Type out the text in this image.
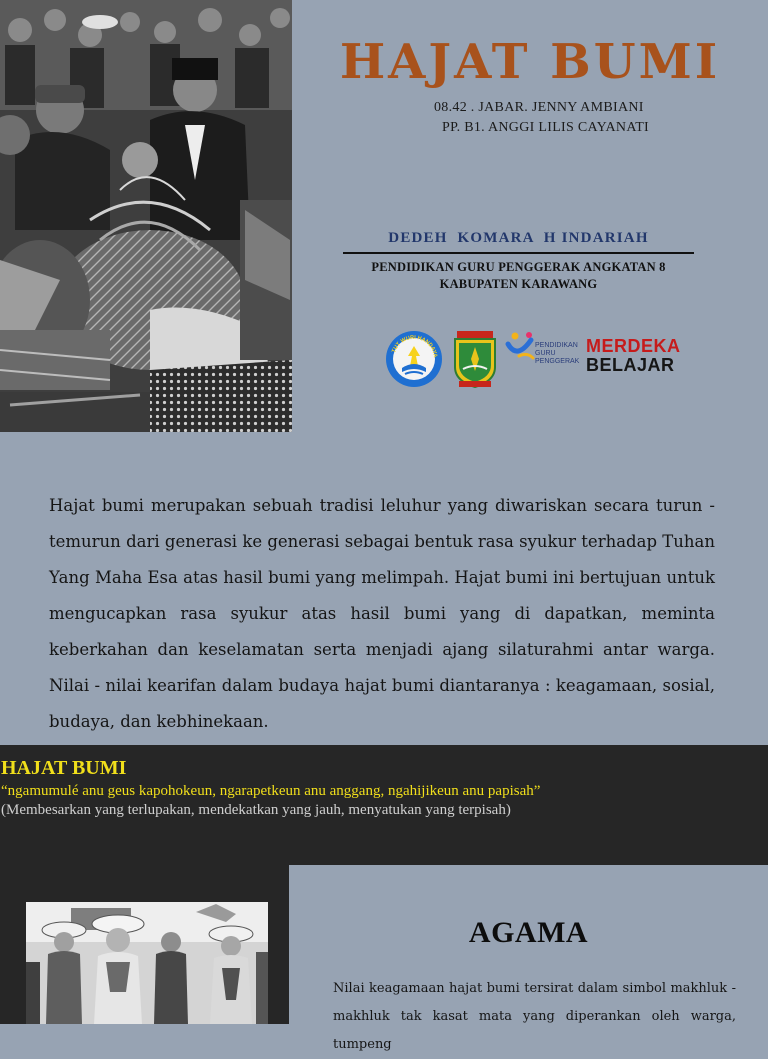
HAJAT BUMI
08.42 . JABAR. JENNY AMBIANI
PP. B1. ANGGI LILIS CAYANATI
DEDEH  KOMARA  H INDARIAH
PENDIDIKAN GURU PENGGERAK ANGKATAN 8
KABUPATEN KARAWANG
TUT WURI HANDAYA
PENDIDIKAN
GURU
PENGGERAK
MERDEKA
BELAJAR

Hajat bumi merupakan sebuah tradisi leluhur yang diwariskan secara turun - temurun dari generasi ke generasi sebagai bentuk rasa syukur terhadap Tuhan Yang Maha Esa atas hasil bumi yang melimpah. Hajat bumi ini bertujuan untuk mengucapkan rasa syukur atas hasil bumi yang di dapatkan, meminta keberkahan dan keselamatan serta menjadi ajang silaturahmi antar warga. Nilai - nilai kearifan dalam budaya hajat bumi diantaranya : keagamaan, sosial, budaya, dan kebhinekaan.

HAJAT BUMI
“ngamumulé anu geus kapohokeun, ngarapetkeun anu anggang, ngahijikeun anu papisah”
(Membesarkan yang terlupakan, mendekatkan yang jauh, menyatukan yang terpisah)
AGAMA

Nilai keagamaan hajat bumi tersirat dalam simbol makhluk - makhluk tak kasat mata yang diperankan oleh warga, tumpeng
